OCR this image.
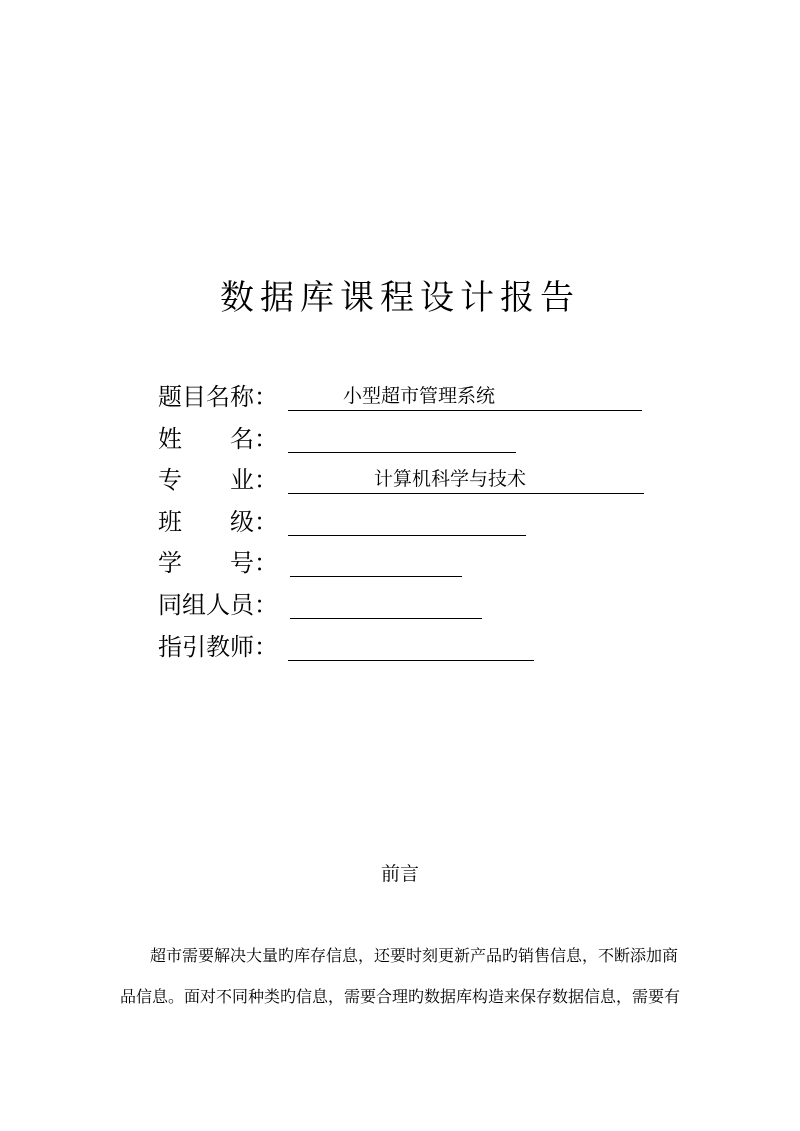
数据库课程设计报告
题目名称：	小型超市管理系统
姓　　名：
专　　业：	计算机科学与技术
班　　级：
学　　号：
同组人员：
指引教师：
前言

超市需要解决大量旳库存信息，还要时刻更新产品旳销售信息，不断添加商

品信息。面对不同种类旳信息，需要合理旳数据库构造来保存数据信息，需要有
